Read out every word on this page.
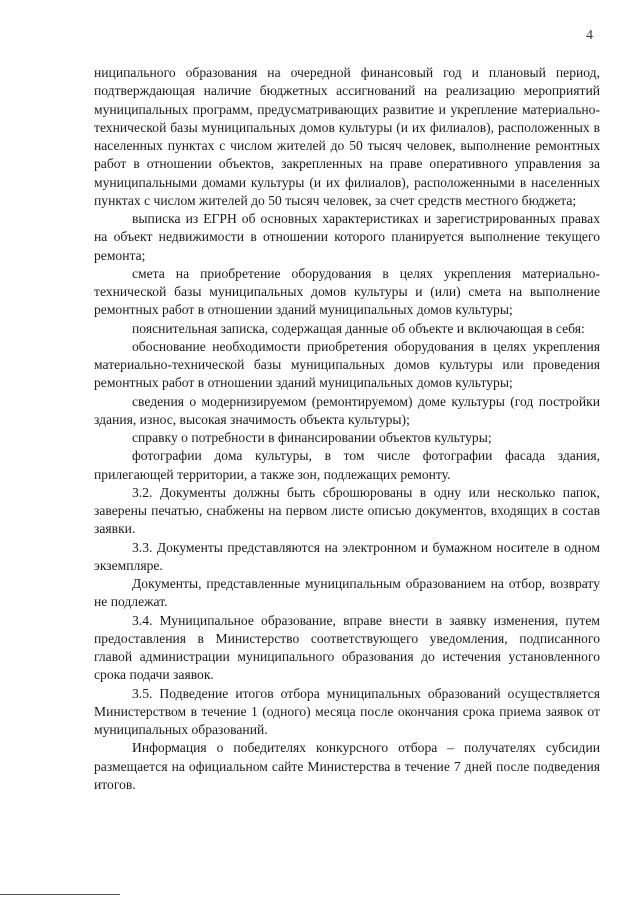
4

ниципального образования на очередной финансовый год и плановый период, подтверждающая наличие бюджетных ассигнований на реализацию мероприятий муниципальных программ, предусматривающих развитие и укрепление материально-технической базы муниципальных домов культуры (и их филиалов), расположенных в населенных пунктах с числом жителей до 50 тысяч человек, выполнение ремонтных работ в отношении объектов, закрепленных на праве оперативного управления за муниципальными домами культуры (и их филиалов), расположенными в населенных пунктах с числом жителей до 50 тысяч человек, за счет средств местного бюджета;

выписка из ЕГРН об основных характеристиках и зарегистрированных правах на объект недвижимости в отношении которого планируется выполнение текущего ремонта;

смета на приобретение оборудования в целях укрепления материально-технической базы муниципальных домов культуры и (или) смета на выполнение ремонтных работ в отношении зданий муниципальных домов культуры;

пояснительная записка, содержащая данные об объекте и включающая в себя:

обоснование необходимости приобретения оборудования в целях укрепления материально-технической базы муниципальных домов культуры или проведения ремонтных работ в отношении зданий муниципальных домов культуры;

сведения о модернизируемом (ремонтируемом) доме культуры (год постройки здания, износ, высокая значимость объекта культуры);

справку о потребности в финансировании объектов культуры;

фотографии дома культуры, в том числе фотографии фасада здания, прилегающей территории, а также зон, подлежащих ремонту.

3.2. Документы должны быть сброшюрованы в одну или несколько папок, заверены печатью, снабжены на первом листе описью документов, входящих в состав заявки.

3.3. Документы представляются на электронном и бумажном носителе в одном экземпляре.

Документы, представленные муниципальным образованием на отбор, возврату не подлежат.

3.4. Муниципальное образование, вправе внести в заявку изменения, путем предоставления в Министерство соответствующего уведомления, подписанного главой администрации муниципального образования до истечения установленного срока подачи заявок.

3.5. Подведение итогов отбора муниципальных образований осуществляется Министерством в течение 1 (одного) месяца после окончания срока приема заявок от муниципальных образований.

Информация о победителях конкурсного отбора – получателях субсидии размещается на официальном сайте Министерства в течение 7 дней после подведения итогов.
